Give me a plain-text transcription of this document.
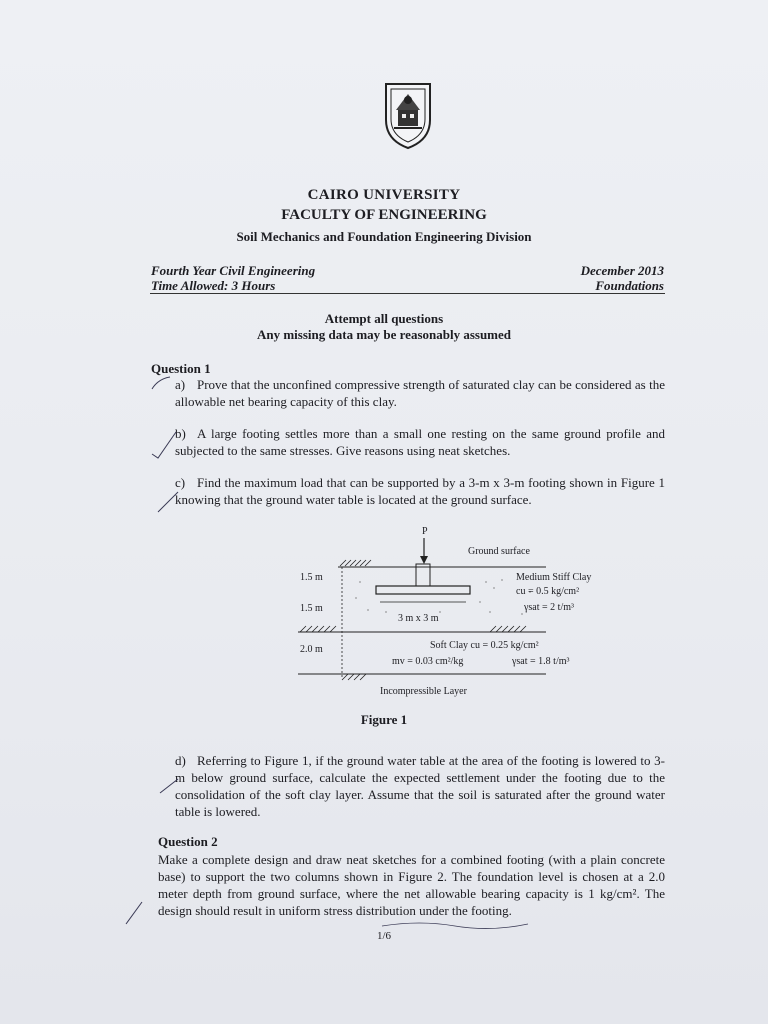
CAIRO UNIVERSITY
FACULTY OF ENGINEERING
Soil Mechanics and Foundation Engineering Division
Fourth Year Civil Engineering	December 2013
Time Allowed: 3 Hours	Foundations
Attempt all questions
Any missing data may be reasonably assumed
Question 1
a) Prove that the unconfined compressive strength of saturated clay can be considered as the allowable net bearing capacity of this clay.
b) A large footing settles more than a small one resting on the same ground profile and subjected to the same stresses. Give reasons using neat sketches.
c) Find the maximum load that can be supported by a 3-m x 3-m footing shown in Figure 1 knowing that the ground water table is located at the ground surface.
P
Ground surface
3 m x 3 m
1.5 m
1.5 m
2.0 m
Medium Stiff Clay
cu = 0.5 kg/cm²
γsat = 2 t/m³
Soft Clay cu = 0.25 kg/cm²
mv = 0.03 cm²/kg	γsat = 1.8 t/m³
Incompressible Layer
Figure 1
d) Referring to Figure 1, if the ground water table at the area of the footing is lowered to 3-m below ground surface, calculate the expected settlement under the footing due to the consolidation of the soft clay layer. Assume that the soil is saturated after the ground water table is lowered.
Question 2
Make a complete design and draw neat sketches for a combined footing (with a plain concrete base) to support the two columns shown in Figure 2. The foundation level is chosen at a 2.0 meter depth from ground surface, where the net allowable bearing capacity is 1 kg/cm². The design should result in uniform stress distribution under the footing.
1/6
